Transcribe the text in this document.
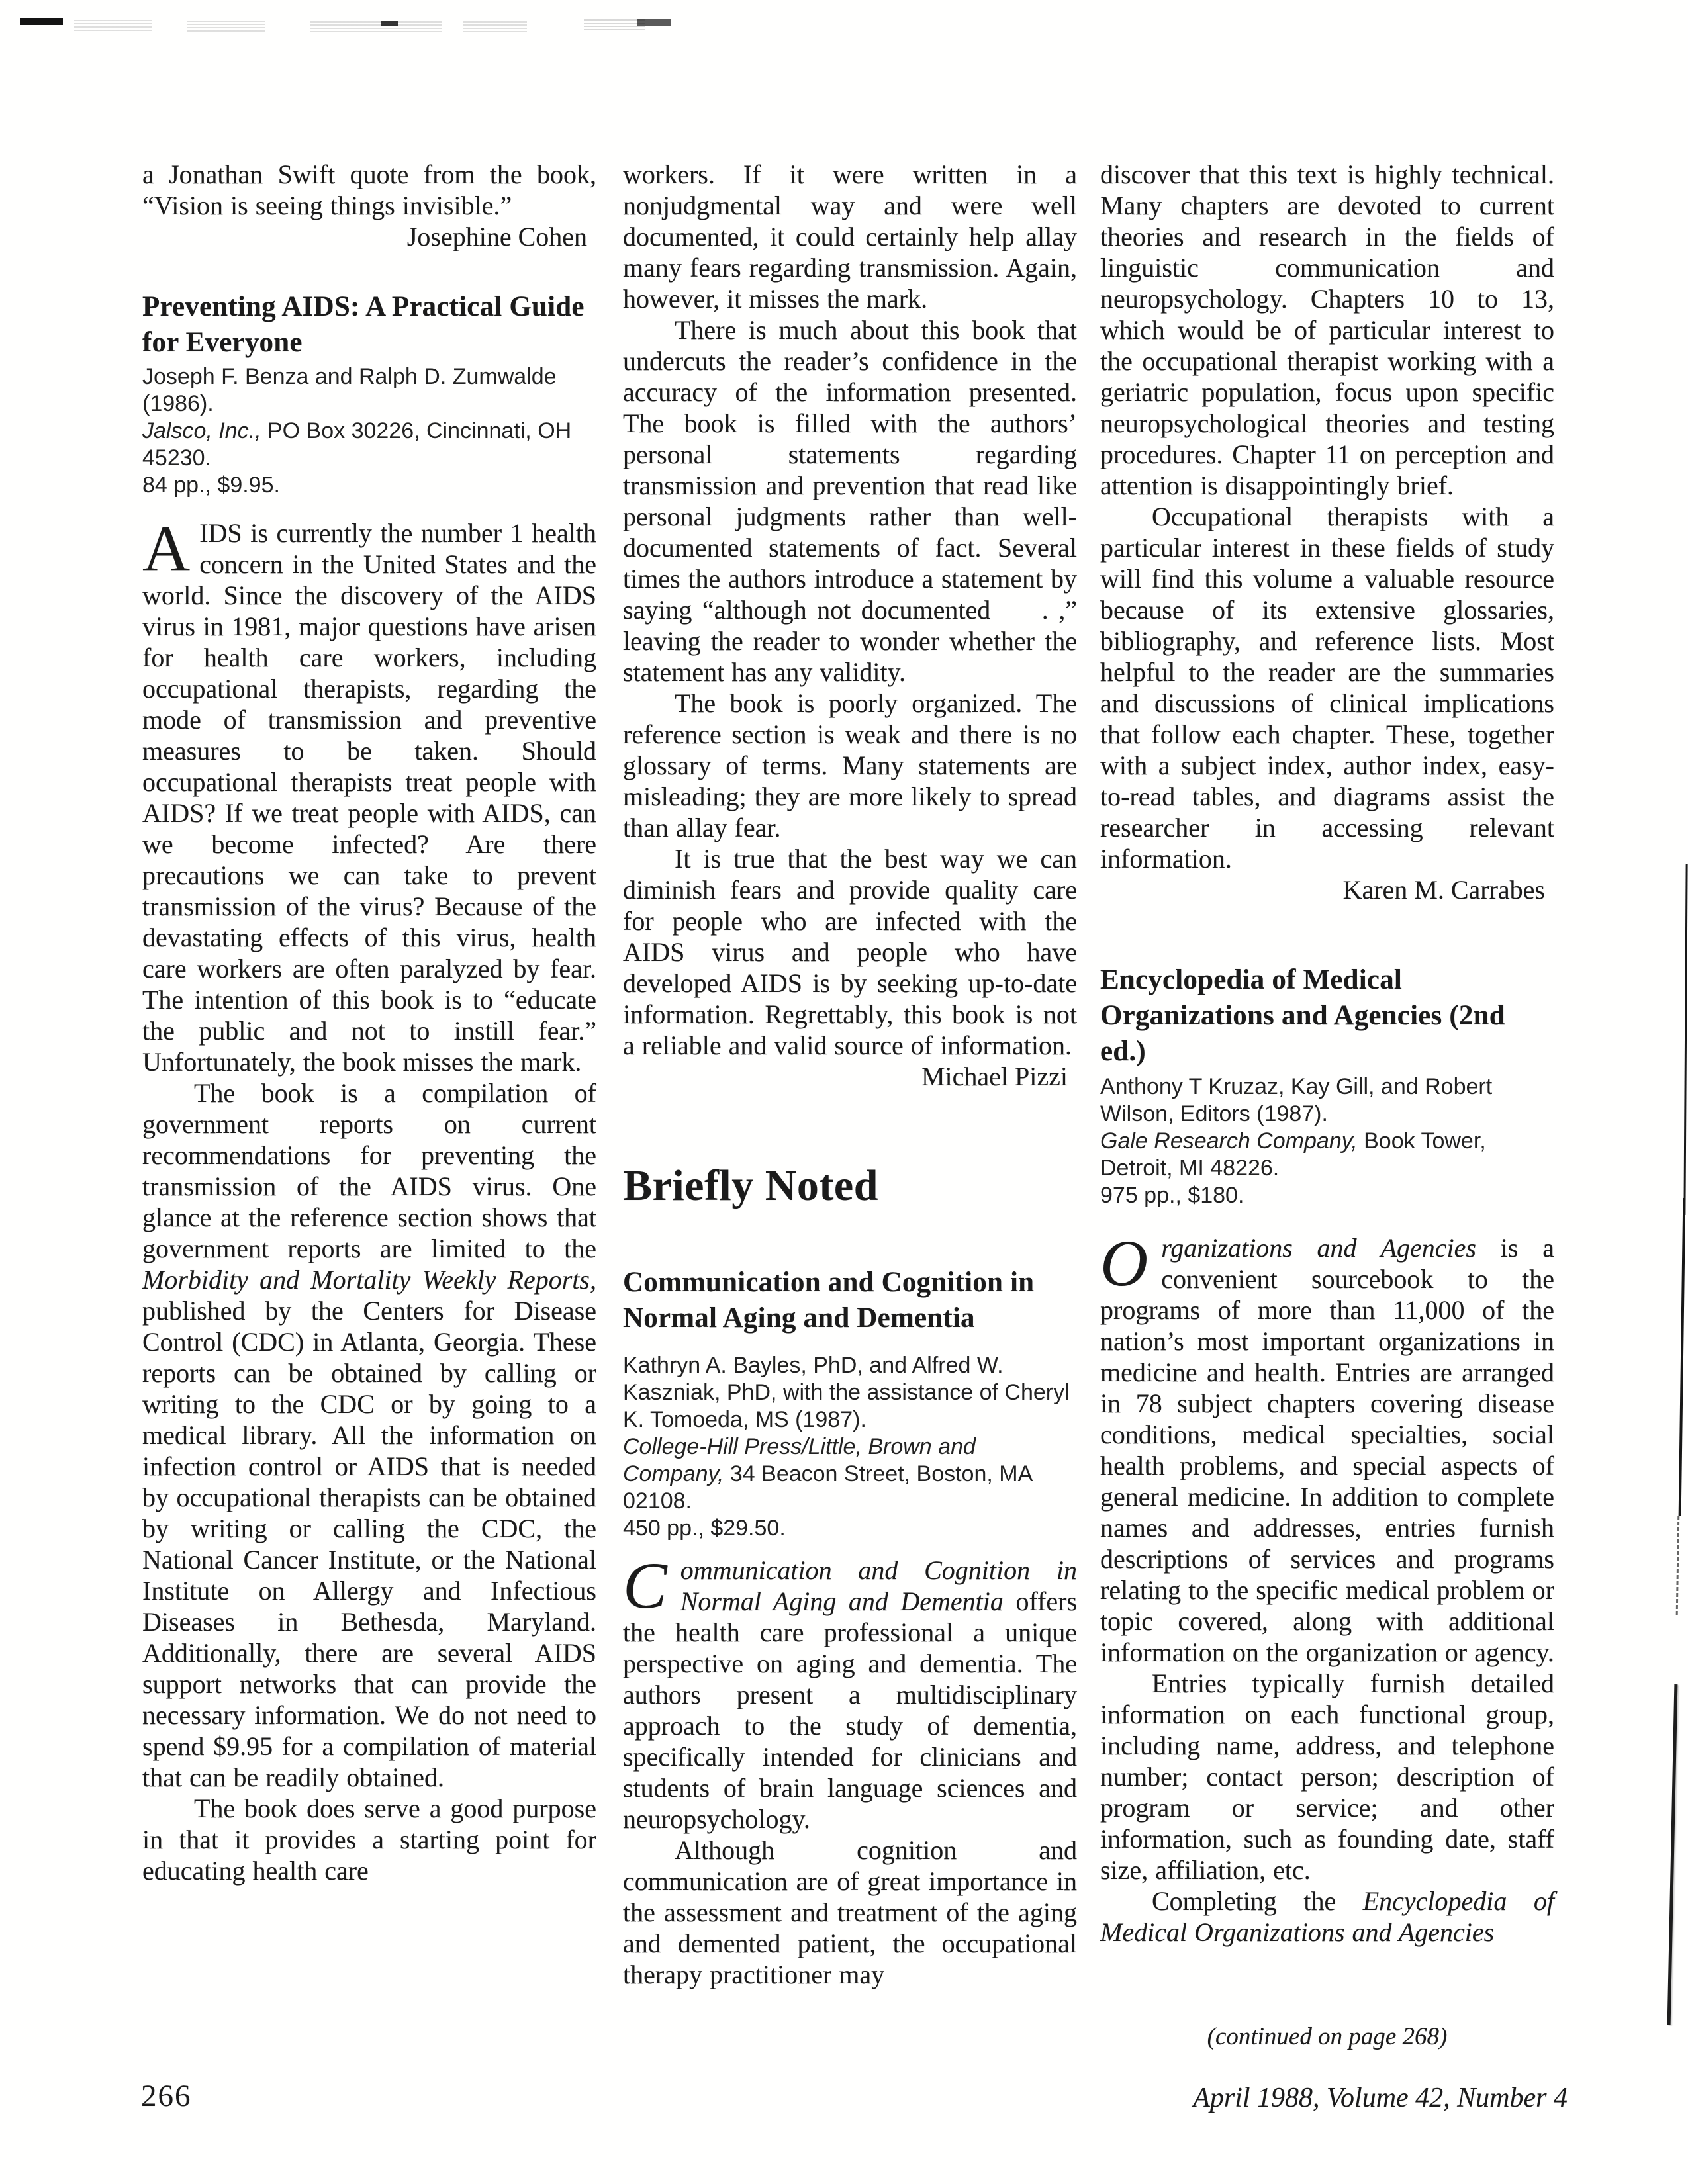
a Jonathan Swift quote from the book, “Vision is seeing things invisible.”

Josephine Cohen

Preventing AIDS: A Practical Guide for Everyone
Joseph F. Benza and Ralph D. Zumwalde (1986).
Jalsco, Inc., PO Box 30226, Cincinnati, OH 45230.
84 pp., $9.95.

AIDS is currently the number 1 health concern in the United States and the world. Since the discovery of the AIDS virus in 1981, major questions have arisen for health care workers, including occupational therapists, regarding the mode of transmission and preventive measures to be taken. Should occupational therapists treat people with AIDS? If we treat people with AIDS, can we become infected? Are there precautions we can take to prevent transmission of the virus? Because of the devastating effects of this virus, health care workers are often paralyzed by fear. The intention of this book is to “educate the public and not to instill fear.” Unfortunately, the book misses the mark.

The book is a compilation of government reports on current recommendations for preventing the transmission of the AIDS virus. One glance at the reference section shows that government reports are limited to the Morbidity and Mortality Weekly Reports, published by the Centers for Disease Control (CDC) in Atlanta, Georgia. These reports can be obtained by calling or writing to the CDC or by going to a medical library. All the information on infection control or AIDS that is needed by occupational therapists can be obtained by writing or calling the CDC, the National Cancer Institute, or the National Institute on Allergy and Infectious Diseases in Bethesda, Maryland. Additionally, there are several AIDS support networks that can provide the necessary information. We do not need to spend $9.95 for a compilation of material that can be readily obtained.

The book does serve a good purpose in that it provides a starting point for educating health care

workers. If it were written in a nonjudgmental way and were well documented, it could certainly help allay many fears regarding transmission. Again, however, it misses the mark.

There is much about this book that undercuts the reader’s confidence in the accuracy of the information presented. The book is filled with the authors’ personal statements regarding transmission and prevention that read like personal judgments rather than well-documented statements of fact. Several times the authors introduce a statement by saying “although not documented     . ,” leaving the reader to wonder whether the statement has any validity.

The book is poorly organized. The reference section is weak and there is no glossary of terms. Many statements are misleading; they are more likely to spread than allay fear.

It is true that the best way we can diminish fears and provide quality care for people who are infected with the AIDS virus and people who have developed AIDS is by seeking up-to-date information. Regrettably, this book is not a reliable and valid source of information.

Michael Pizzi

Briefly Noted
Communication and Cognition in Normal Aging and Dementia
Kathryn A. Bayles, PhD, and Alfred W. Kaszniak, PhD, with the assistance of Cheryl K. Tomoeda, MS (1987).
College-Hill Press/Little, Brown and Company, 34 Beacon Street, Boston, MA 02108.
450 pp., $29.50.

Communication and Cognition in Normal Aging and Dementia offers the health care professional a unique perspective on aging and dementia. The authors present a multidisciplinary approach to the study of dementia, specifically intended for clinicians and students of brain language sciences and neuropsychology.

Although cognition and communication are of great importance in the assessment and treatment of the aging and demented patient, the occupational therapy practitioner may

discover that this text is highly technical. Many chapters are devoted to current theories and research in the fields of linguistic communication and neuropsychology. Chapters 10 to 13, which would be of particular interest to the occupational therapist working with a geriatric population, focus upon specific neuropsychological theories and testing procedures. Chapter 11 on perception and attention is disappointingly brief.

Occupational therapists with a particular interest in these fields of study will find this volume a valuable resource because of its extensive glossaries, bibliography, and reference lists. Most helpful to the reader are the summaries and discussions of clinical implications that follow each chapter. These, together with a subject index, author index, easy-to-read tables, and diagrams assist the researcher in accessing relevant information.

Karen M. Carrabes

Encyclopedia of Medical Organizations and Agencies (2nd ed.)
Anthony T Kruzaz, Kay Gill, and Robert Wilson, Editors (1987).
Gale Research Company, Book Tower, Detroit, MI 48226.
975 pp., $180.

Organizations and Agencies is a convenient sourcebook to the programs of more than 11,000 of the nation’s most important organizations in medicine and health. Entries are arranged in 78 subject chapters covering disease conditions, medical specialties, social health problems, and special aspects of general medicine. In addition to complete names and addresses, entries furnish descriptions of services and programs relating to the specific medical problem or topic covered, along with additional information on the organization or agency.

Entries typically furnish detailed information on each functional group, including name, address, and telephone number; contact person; description of program or service; and other information, such as founding date, staff size, affiliation, etc.

Completing the Encyclopedia of Medical Organizations and Agencies

(continued on page 268)

266	April 1988, Volume 42, Number 4
